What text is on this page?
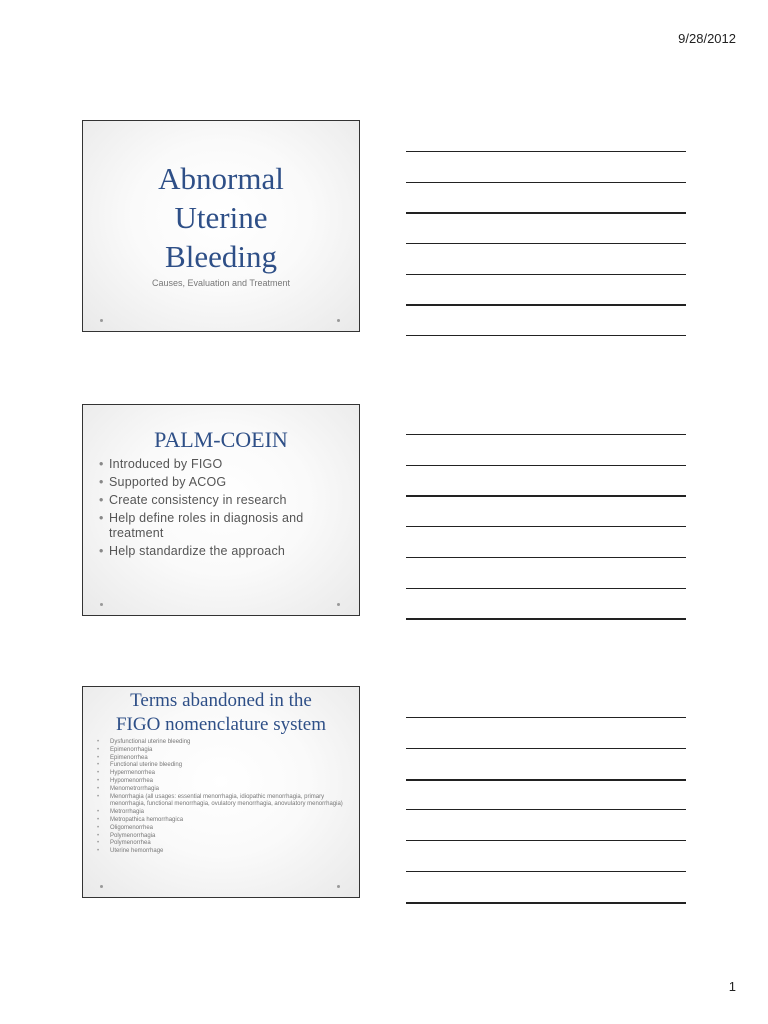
9/28/2012
Abnormal
Uterine
Bleeding
Causes, Evaluation and Treatment
PALM-COEIN
• Introduced by FIGO
• Supported by ACOG
• Create consistency in research
• Help define roles in diagnosis and treatment
• Help standardize the approach
Terms abandoned in the
FIGO nomenclature system
• Dysfunctional uterine bleeding
• Epimenorrhagia
• Epimenorrhea
• Functional uterine bleeding
• Hypermenorrhea
• Hypomenorrhea
• Menometrorrhagia
• Menorrhagia (all usages: essential menorrhagia, idiopathic menorrhagia, primary menorrhagia, functional menorrhagia, ovulatory menorrhagia, anovulatory menorrhagia)
• Metrorrhagia
• Metropathica hemorrhagica
• Oligomenorrhea
• Polymenorrhagia
• Polymenorrhea
• Uterine hemorrhage
1
